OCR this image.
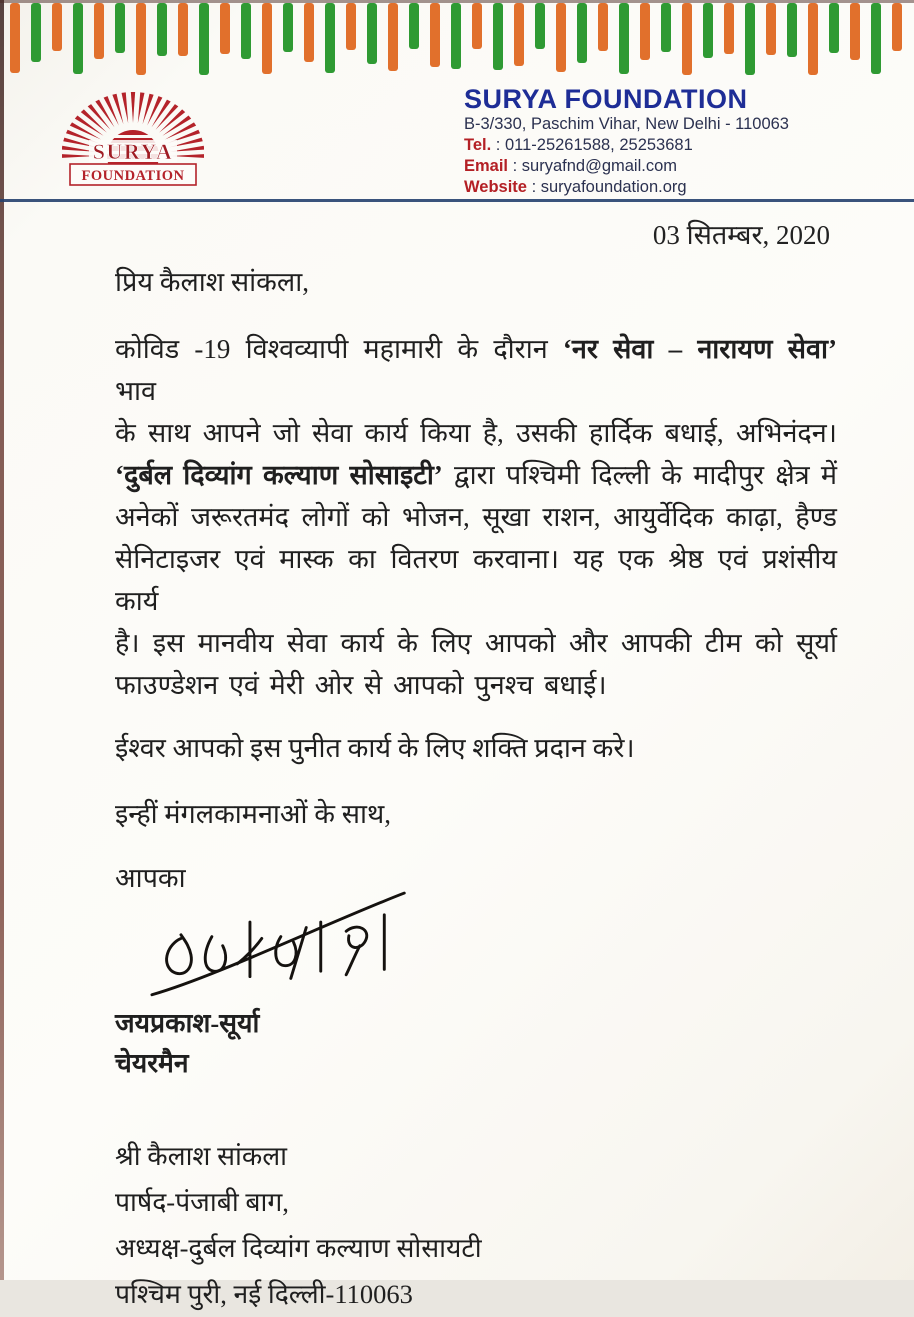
SURYA
FOUNDATION
SURYA FOUNDATION
B-3/330, Paschim Vihar, New Delhi - 110063
Tel. : 011-25261588, 25253681
Email : suryafnd@gmail.com
Website : suryafoundation.org
03 सितम्बर, 2020
प्रिय कैलाश सांकला,
कोविड -19 विश्वव्यापी महामारी के दौरान ‘नर सेवा – नारायण सेवा’ भाव
के साथ आपने जो सेवा कार्य किया है, उसकी हार्दिक बधाई, अभिनंदन।
‘दुर्बल दिव्यांग कल्याण सोसाइटी’ द्वारा पश्चिमी दिल्ली के मादीपुर क्षेत्र में
अनेकों जरूरतमंद लोगों को भोजन, सूखा राशन, आयुर्वेदिक काढ़ा, हैण्ड
सेनिटाइजर एवं मास्क का वितरण करवाना। यह एक श्रेष्ठ एवं प्रशंसीय कार्य
है। इस मानवीय सेवा कार्य के लिए आपको और आपकी टीम को सूर्या
फाउण्डेशन एवं मेरी ओर से आपको पुनश्च बधाई।
ईश्वर आपको इस पुनीत कार्य के लिए शक्ति प्रदान करे।
इन्हीं मंगलकामनाओं के साथ,
आपका
जयप्रकाश-सूर्या
चेयरमैन
श्री कैलाश सांकला
पार्षद-पंजाबी बाग,
अध्यक्ष-दुर्बल दिव्यांग कल्याण सोसायटी
पश्चिम पुरी, नई दिल्ली-110063
